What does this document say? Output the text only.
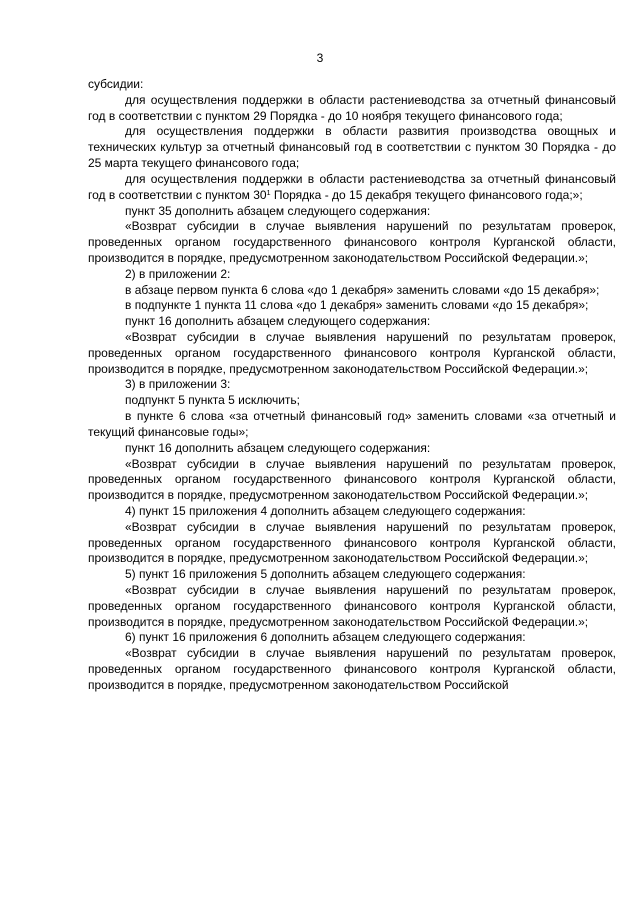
3

субсидии:

для осуществления поддержки в области растениеводства за отчетный финансовый год в соответствии с пунктом 29 Порядка - до 10 ноября текущего финансового года;

для осуществления поддержки в области развития производства овощных и технических культур за отчетный финансовый год в соответствии с пунктом 30 Порядка - до 25 марта текущего финансового года;

для осуществления поддержки в области растениеводства за отчетный финансовый год в соответствии с пунктом $30^1$ Порядка - до 15 декабря текущего финансового года;»;

пункт 35 дополнить абзацем следующего содержания:

«Возврат субсидии в случае выявления нарушений по результатам проверок, проведенных органом государственного финансового контроля Курганской области, производится в порядке, предусмотренном законодательством Российской Федерации.»;

2) в приложении 2:

в абзаце первом пункта 6 слова «до 1 декабря» заменить словами «до 15 декабря»;

в подпункте 1 пункта 11 слова «до 1 декабря» заменить словами «до 15 декабря»;

пункт 16 дополнить абзацем следующего содержания:

«Возврат субсидии в случае выявления нарушений по результатам проверок, проведенных органом государственного финансового контроля Курганской области, производится в порядке, предусмотренном законодательством Российской Федерации.»;

3) в приложении 3:

подпункт 5 пункта 5 исключить;

в пункте 6 слова «за отчетный финансовый год» заменить словами «за отчетный и текущий финансовые годы»;

пункт 16 дополнить абзацем следующего содержания:

«Возврат субсидии в случае выявления нарушений по результатам проверок, проведенных органом государственного финансового контроля Курганской области, производится в порядке, предусмотренном законодательством Российской Федерации.»;

4) пункт 15 приложения 4 дополнить абзацем следующего содержания:

«Возврат субсидии в случае выявления нарушений по результатам проверок, проведенных органом государственного финансового контроля Курганской области, производится в порядке, предусмотренном законодательством Российской Федерации.»;

5) пункт 16 приложения 5 дополнить абзацем следующего содержания:

«Возврат субсидии в случае выявления нарушений по результатам проверок, проведенных органом государственного финансового контроля Курганской области, производится в порядке, предусмотренном законодательством Российской Федерации.»;

6) пункт 16 приложения 6 дополнить абзацем следующего содержания:

«Возврат субсидии в случае выявления нарушений по результатам проверок, проведенных органом государственного финансового контроля Курганской области, производится в порядке, предусмотренном законодательством Российской
